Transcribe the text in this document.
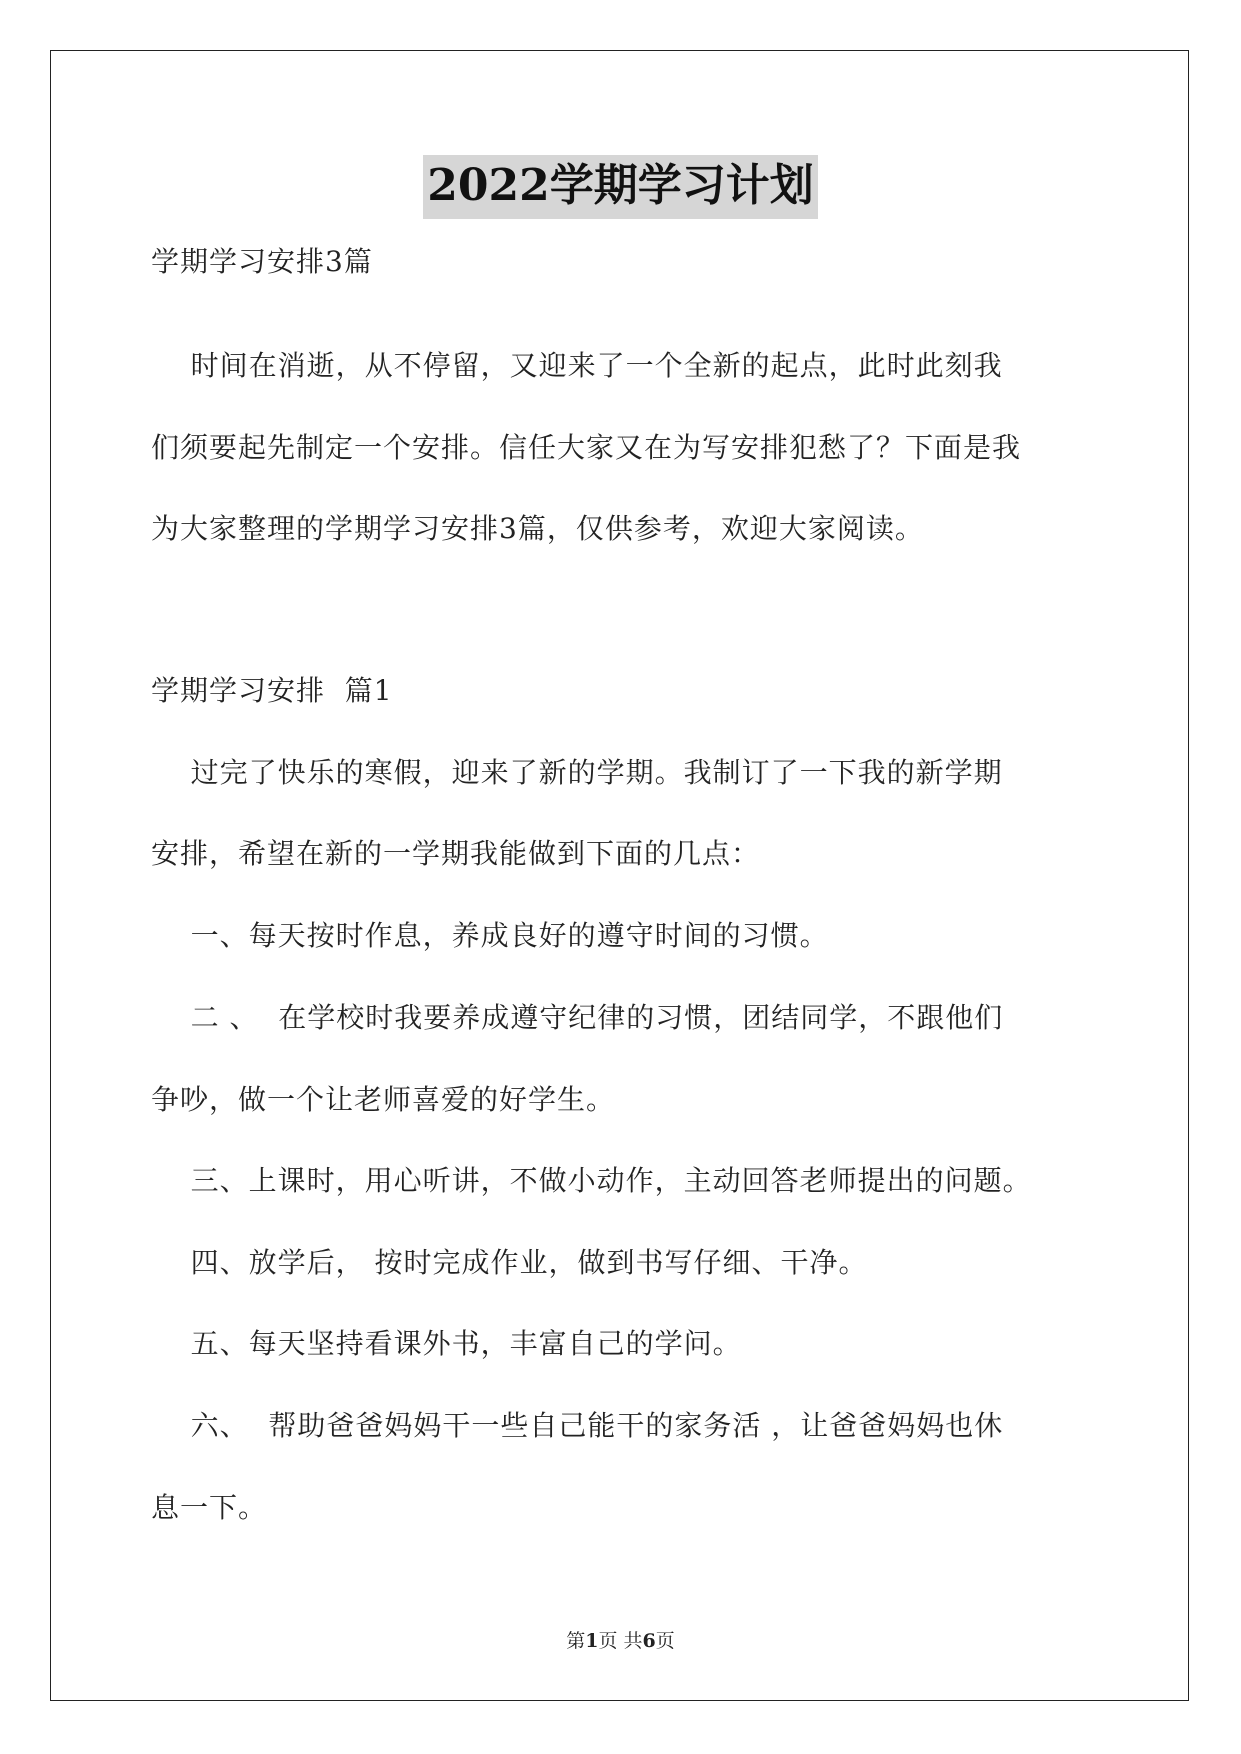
2022学期学习计划
学期学习安排3篇
时间在消逝，从不停留，又迎来了一个全新的起点，此时此刻我
们须要起先制定一个安排。信任大家又在为写安排犯愁了？下面是我
为大家整理的学期学习安排3篇，仅供参考，欢迎大家阅读。
学期学习安排  篇1
过完了快乐的寒假，迎来了新的学期。我制订了一下我的新学期
安排，希望在新的一学期我能做到下面的几点：
一、每天按时作息，养成良好的遵守时间的习惯。
二 、  在学校时我要养成遵守纪律的习惯，团结同学，不跟他们
争吵，做一个让老师喜爱的好学生。
三、上课时，用心听讲，不做小动作，主动回答老师提出的问题。
四、放学后， 按时完成作业，做到书写仔细、干净。
五、每天坚持看课外书，丰富自己的学问。
六、  帮助爸爸妈妈干一些自己能干的家务活 ，让爸爸妈妈也休
息一下。
第1页 共6页
